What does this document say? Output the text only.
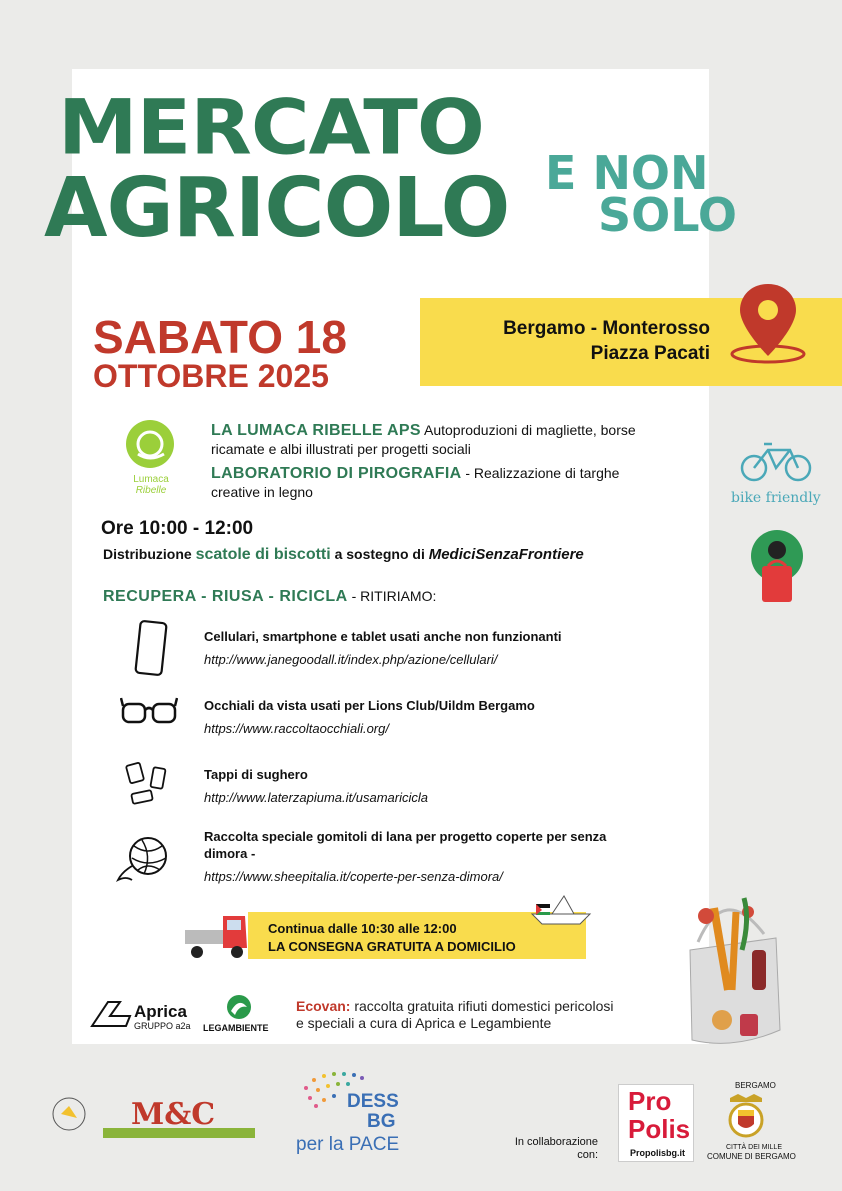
MERCATO
AGRICOLO E NON
SOLO
SABATO 18
OTTOBRE 2025
Bergamo - Monterosso
Piazza Pacati
Lumaca
Ribelle
LA LUMACA RIBELLE APS Autoproduzioni di magliette, borse ricamate e albi illustrati per progetti sociali
LABORATORIO DI PIROGRAFIA - Realizzazione di targhe creative in legno	bike friendly
Ore 10:00 - 12:00
Distribuzione scatole di biscotti a sostegno di MediciSenzaFrontiere
RECUPERA - RIUSA - RICICLA - RITIRIAMO:
Cellulari, smartphone e tablet usati anche non funzionanti
http://www.janegoodall.it/index.php/azione/cellulari/
Occhiali da vista usati per Lions Club/Uildm Bergamo
https://www.raccoltaocchiali.org/
Tappi di sughero
http://www.laterzapiuma.it/usamaricicla
Raccolta speciale gomitoli di lana per progetto coperte per senza dimora -
https://www.sheepitalia.it/coperte-per-senza-dimora/
Continua dalle 10:30 alle 12:00
LA CONSEGNA GRATUITA A DOMICILIO
Aprica
GRUPPO a2a LEGAMBIENTE
Ecovan: raccolta gratuita rifiuti domestici pericolosi
e speciali a cura di Aprica e Legambiente
M&C	DESS
BG
per la PACE	In collaborazione con:
Pro
Polis
Propolisbg.it
BERGAMO
CITTÀ DEI MILLE
COMUNE DI BERGAMO
